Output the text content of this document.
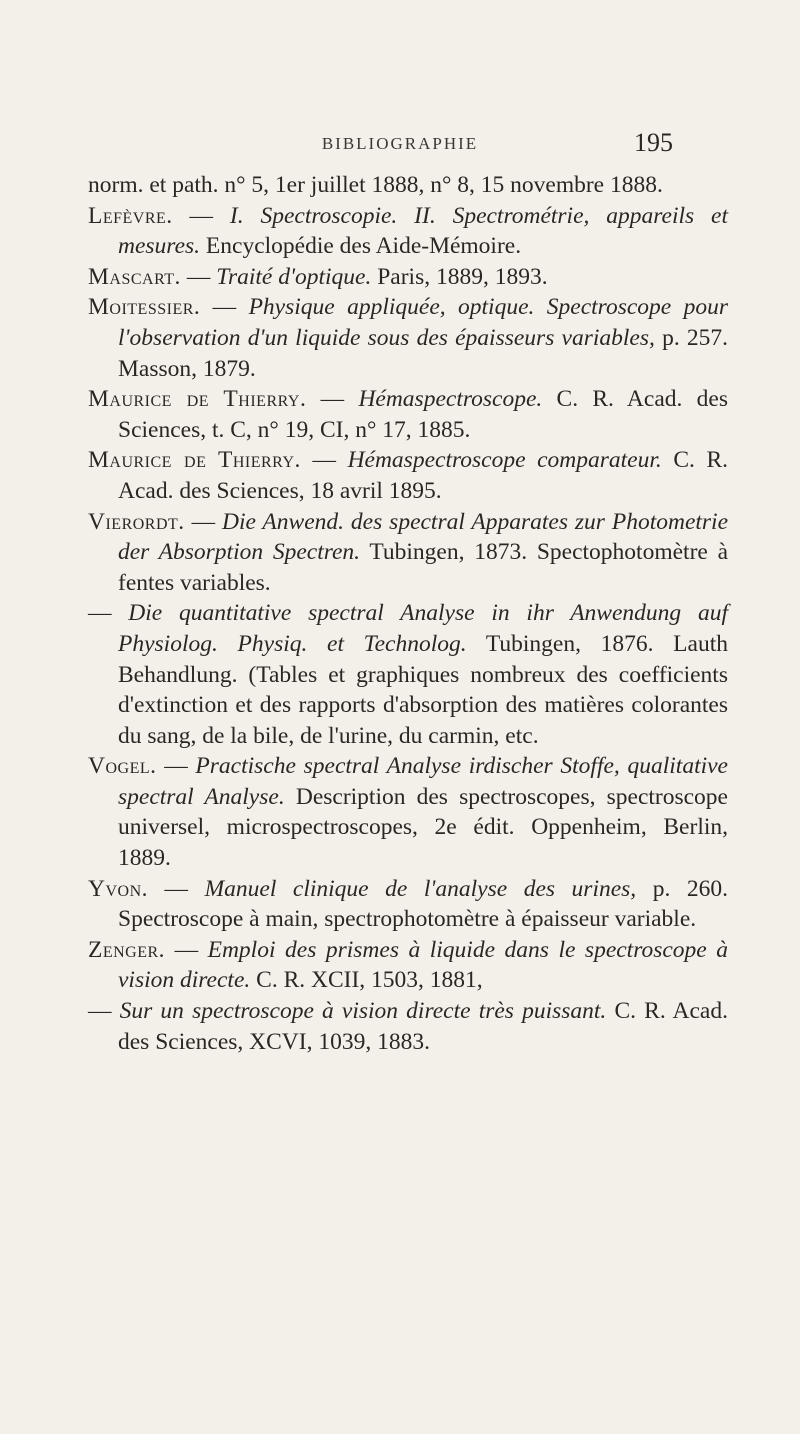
BIBLIOGRAPHIE	195

norm. et path. n° 5, 1er juillet 1888, n° 8, 15 novembre 1888.

Lefèvre. — I. Spectroscopie. II. Spectrométrie, appareils et mesures. Encyclopédie des Aide-Mémoire.

Mascart. — Traité d'optique. Paris, 1889, 1893.

Moitessier. — Physique appliquée, optique. Spectroscope pour l'observation d'un liquide sous des épaisseurs variables, p. 257. Masson, 1879.

Maurice de Thierry. — Hémaspectroscope. C. R. Acad. des Sciences, t. C, n° 19, CI, n° 17, 1885.

Maurice de Thierry. — Hémaspectroscope comparateur. C. R. Acad. des Sciences, 18 avril 1895.

Vierordt. — Die Anwend. des spectral Apparates zur Photometrie der Absorption Spectren. Tubingen, 1873. Spectophotomètre à fentes variables.

— Die quantitative spectral Analyse in ihr Anwendung auf Physiolog. Physiq. et Technolog. Tubingen, 1876. Lauth Behandlung. (Tables et graphiques nombreux des coefficients d'extinction et des rapports d'absorption des matières colorantes du sang, de la bile, de l'urine, du carmin, etc.

Vogel. — Practische spectral Analyse irdischer Stoffe, qualitative spectral Analyse. Description des spectroscopes, spectroscope universel, microspectroscopes, 2e édit. Oppenheim, Berlin, 1889.

Yvon. — Manuel clinique de l'analyse des urines, p. 260. Spectroscope à main, spectrophotomètre à épaisseur variable.

Zenger. — Emploi des prismes à liquide dans le spectroscope à vision directe. C. R. XCII, 1503, 1881,

— Sur un spectroscope à vision directe très puissant. C. R. Acad. des Sciences, XCVI, 1039, 1883.
